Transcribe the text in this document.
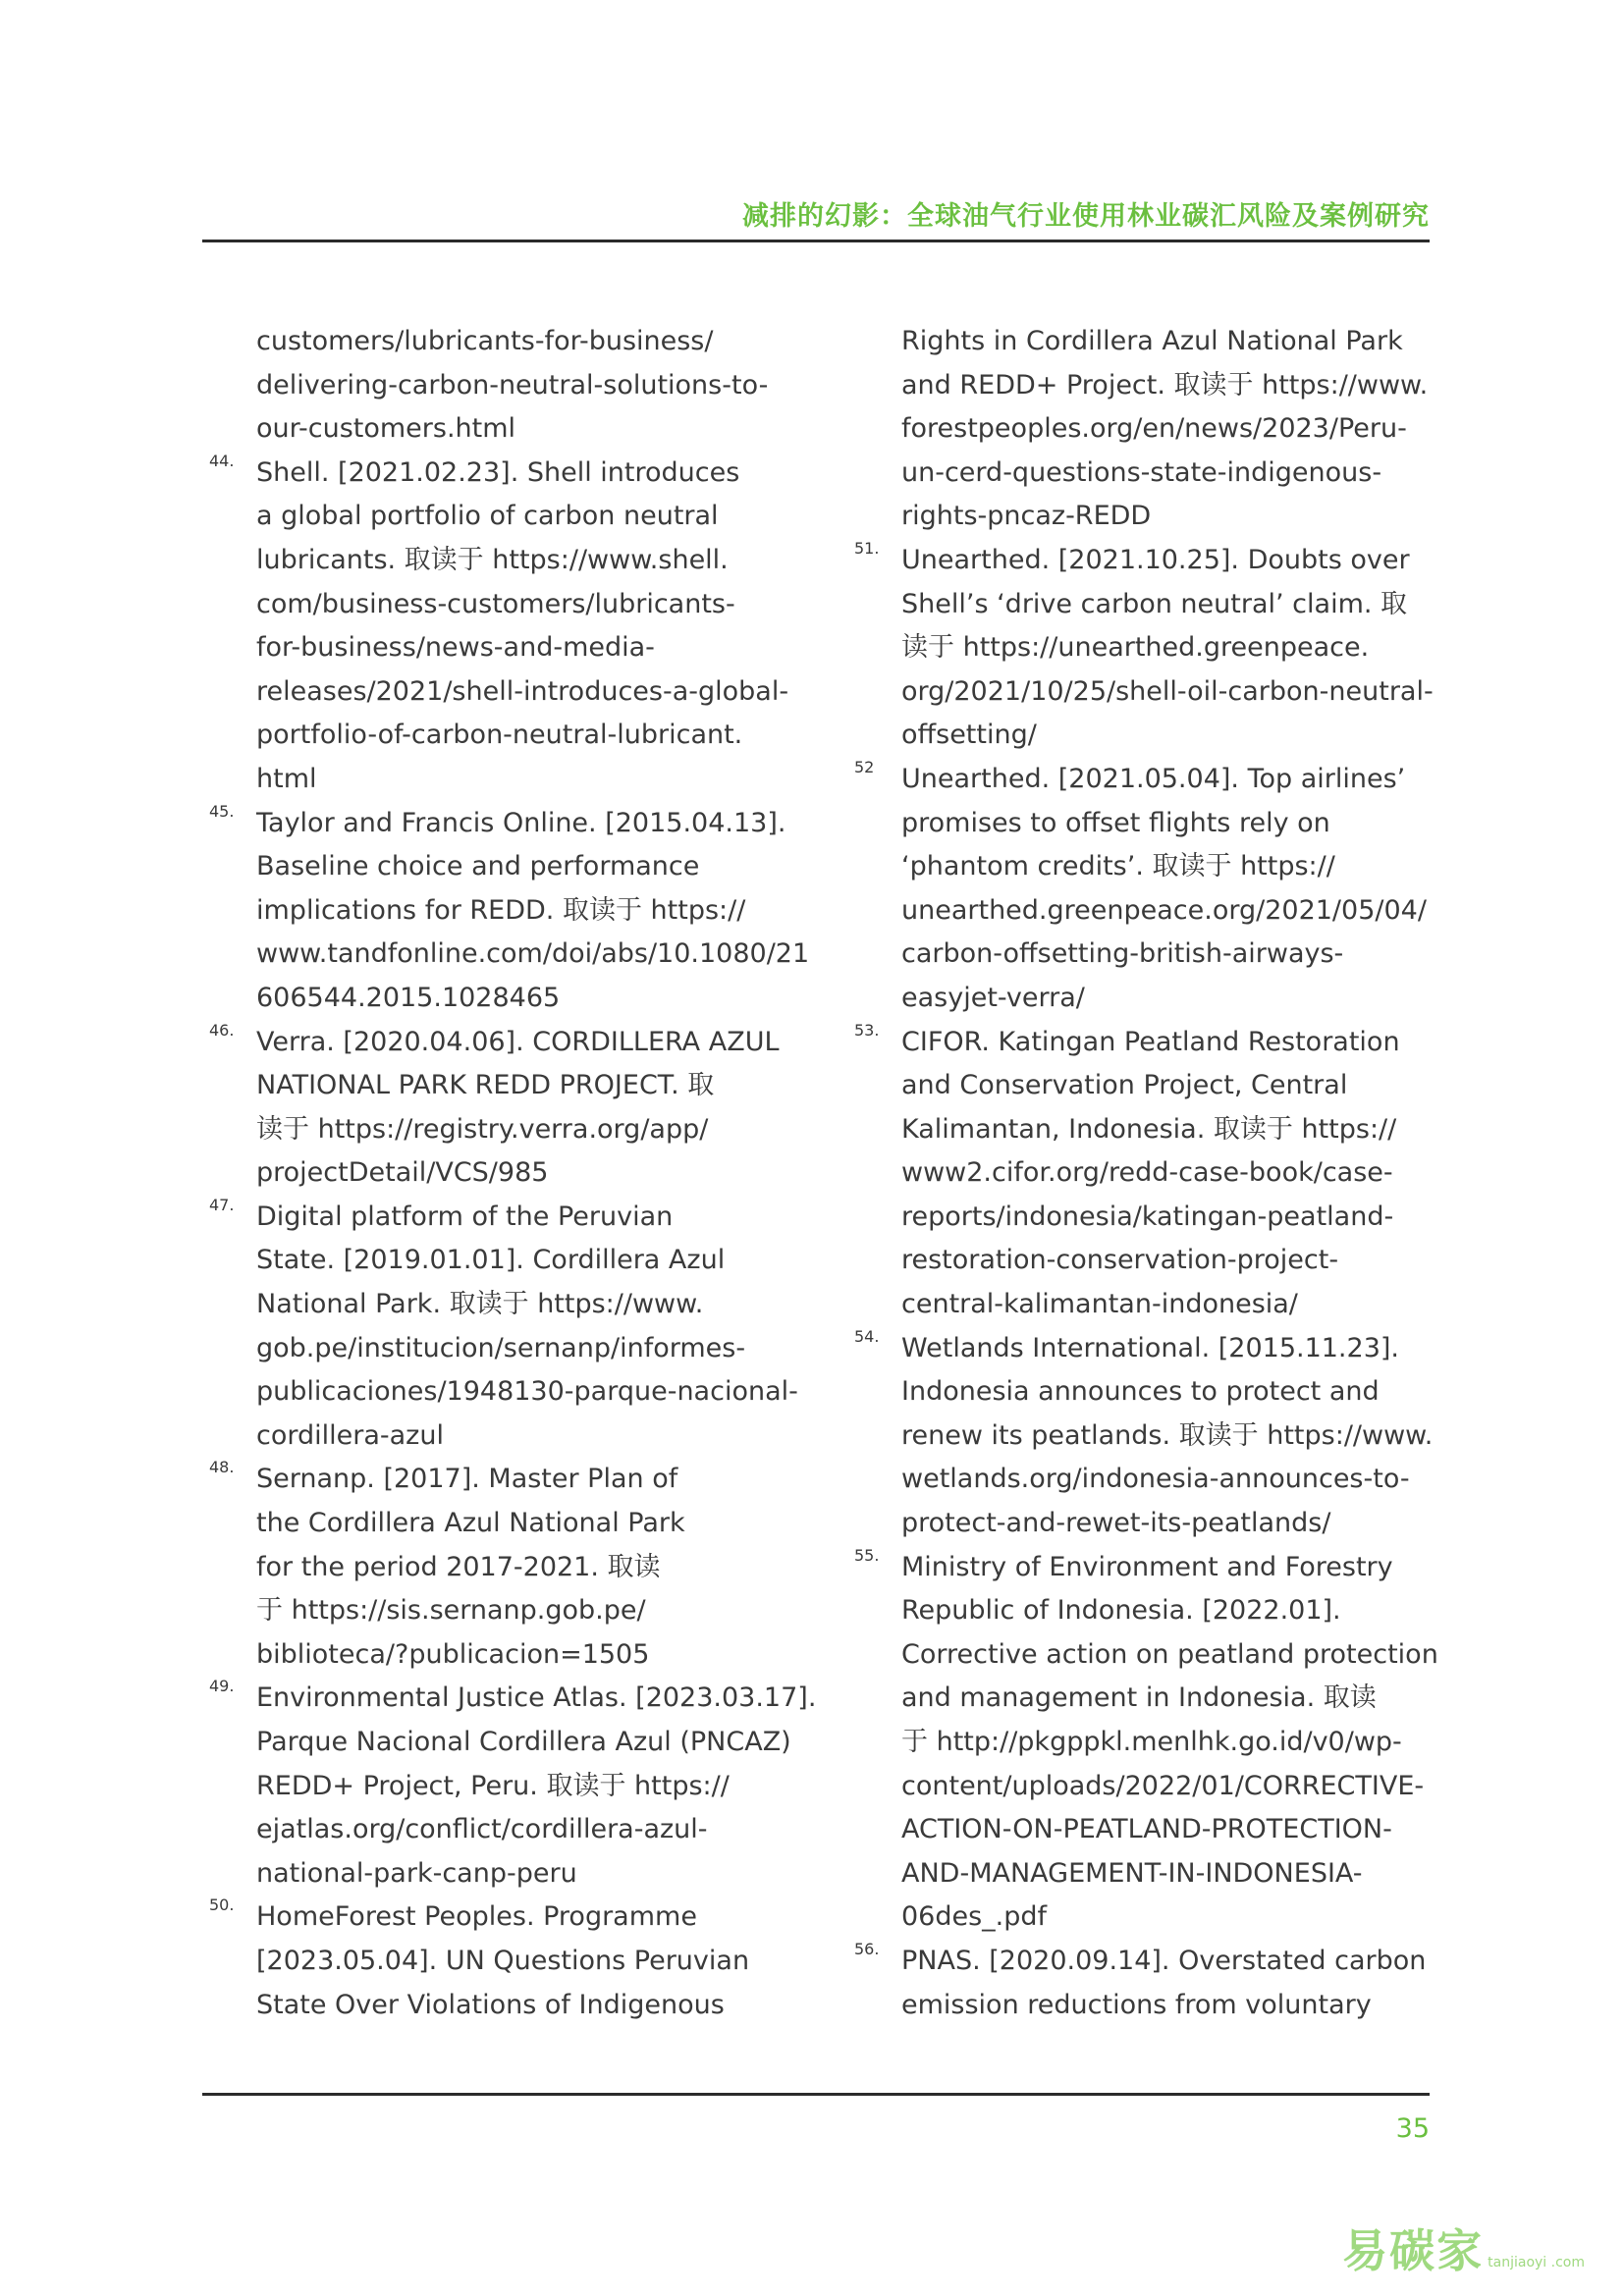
减排的幻影：全球油气行业使用林业碳汇风险及案例研究
customers/lubricants-for-business/
delivering-carbon-neutral-solutions-to-
our-customers.html
44. Shell. [2021.02.23]. Shell introduces
a global portfolio of carbon neutral
lubricants. 取读于 https://www.shell.
com/business-customers/lubricants-
for-business/news-and-media-
releases/2021/shell-introduces-a-global-
portfolio-of-carbon-neutral-lubricant.
html
45. Taylor and Francis Online. [2015.04.13].
Baseline choice and performance
implications for REDD. 取读于 https://
www.tandfonline.com/doi/abs/10.1080/21
606544.2015.1028465
46. Verra. [2020.04.06]. CORDILLERA AZUL
NATIONAL PARK REDD PROJECT. 取
读于 https://registry.verra.org/app/
projectDetail/VCS/985
47. Digital platform of the Peruvian
State. [2019.01.01]. Cordillera Azul
National Park. 取读于 https://www.
gob.pe/institucion/sernanp/informes-
publicaciones/1948130-parque-nacional-
cordillera-azul
48. Sernanp. [2017]. Master Plan of
the Cordillera Azul National Park
for the period 2017-2021. 取读
于 https://sis.sernanp.gob.pe/
biblioteca/?publicacion=1505
49. Environmental Justice Atlas. [2023.03.17].
Parque Nacional Cordillera Azul (PNCAZ)
REDD+ Project, Peru. 取读于 https://
ejatlas.org/conflict/cordillera-azul-
national-park-canp-peru
50. HomeForest Peoples. Programme
[2023.05.04]. UN Questions Peruvian
State Over Violations of Indigenous
Rights in Cordillera Azul National Park
and REDD+ Project. 取读于 https://www.
forestpeoples.org/en/news/2023/Peru-
un-cerd-questions-state-indigenous-
rights-pncaz-REDD
51. Unearthed. [2021.10.25]. Doubts over
Shell’s ‘drive carbon neutral’ claim. 取
读于 https://unearthed.greenpeace.
org/2021/10/25/shell-oil-carbon-neutral-
offsetting/
52 Unearthed. [2021.05.04]. Top airlines’
promises to offset flights rely on
‘phantom credits’. 取读于 https://
unearthed.greenpeace.org/2021/05/04/
carbon-offsetting-british-airways-
easyjet-verra/
53. CIFOR. Katingan Peatland Restoration
and Conservation Project, Central
Kalimantan, Indonesia. 取读于 https://
www2.cifor.org/redd-case-book/case-
reports/indonesia/katingan-peatland-
restoration-conservation-project-
central-kalimantan-indonesia/
54. Wetlands International. [2015.11.23].
Indonesia announces to protect and
renew its peatlands. 取读于 https://www.
wetlands.org/indonesia-announces-to-
protect-and-rewet-its-peatlands/
55. Ministry of Environment and Forestry
Republic of Indonesia. [2022.01].
Corrective action on peatland protection
and management in Indonesia. 取读
于 http://pkgppkl.menlhk.go.id/v0/wp-
content/uploads/2022/01/CORRECTIVE-
ACTION-ON-PEATLAND-PROTECTION-
AND-MANAGEMENT-IN-INDONESIA-
06des_.pdf
56. PNAS. [2020.09.14]. Overstated carbon
emission reductions from voluntary
35
易碳家 tanjiaoyi .com
